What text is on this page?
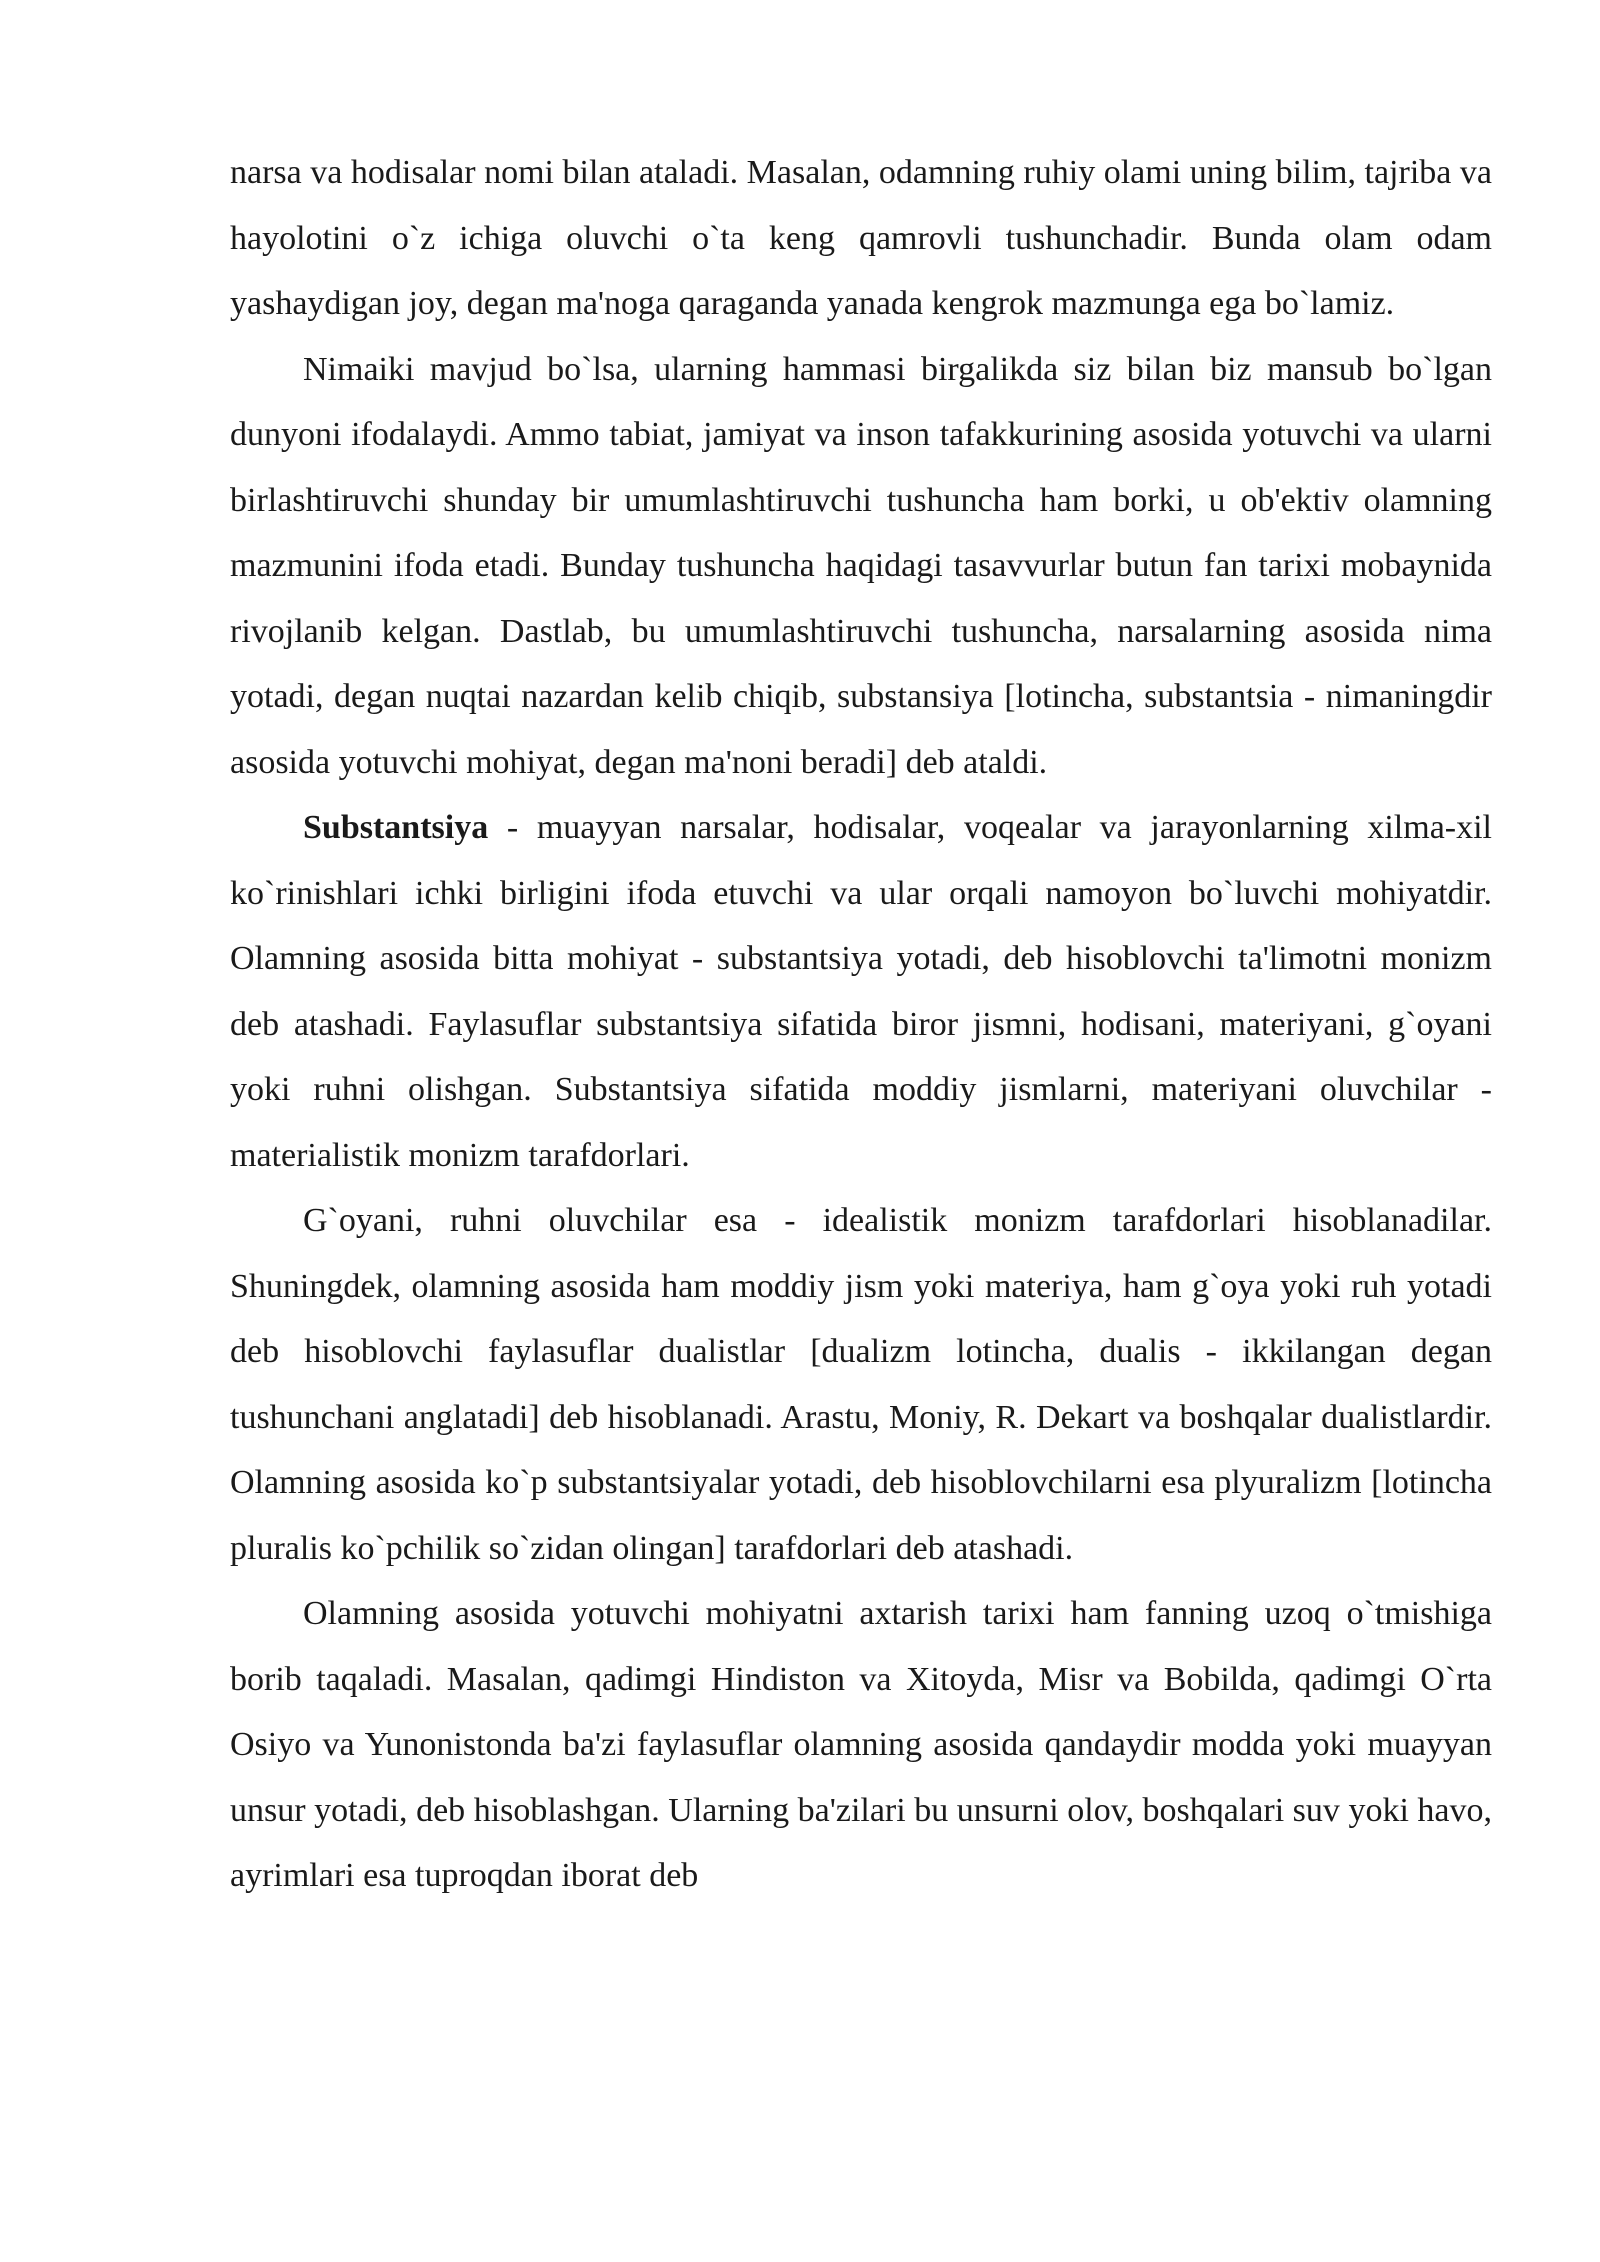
narsa va hodisalar nomi bilan ataladi. Masalan, odamning ruhiy olami uning bilim, tajriba va hayolotini o`z ichiga oluvchi o`ta keng qamrovli tushunchadir. Bunda olam odam yashaydigan joy, degan ma'noga qaraganda yanada kengrok mazmunga ega bo`lamiz.

Nimaiki mavjud bo`lsa, ularning hammasi birgalikda siz bilan biz mansub bo`lgan dunyoni ifodalaydi. Ammo tabiat, jamiyat va inson tafakkurining asosida yotuvchi va ularni birlashtiruvchi shunday bir umumlashtiruvchi tushuncha ham borki, u ob'ektiv olamning mazmunini ifoda etadi. Bunday tushuncha haqidagi tasavvurlar butun fan tarixi mobaynida rivojlanib kelgan. Dastlab, bu umumlashtiruvchi tushuncha, narsalarning asosida nima yotadi, degan nuqtai nazardan kelib chiqib, substansiya [lotincha, substantsia - nimaningdir asosida yotuvchi mohiyat, degan ma'noni beradi] deb ataldi.

Substantsiya - muayyan narsalar, hodisalar, voqealar va jarayonlarning xilma-xil ko`rinishlari ichki birligini ifoda etuvchi va ular orqali namoyon bo`luvchi mohiyatdir. Olamning asosida bitta mohiyat - substantsiya yotadi, deb hisoblovchi ta'limotni monizm deb atashadi. Faylasuflar substantsiya sifatida biror jismni, hodisani, materiyani, g`oyani yoki ruhni olishgan. Substantsiya sifatida moddiy jismlarni, materiyani oluvchilar - materialistik monizm tarafdorlari.

G`oyani, ruhni oluvchilar esa - idealistik monizm tarafdorlari hisoblanadilar. Shuningdek, olamning asosida ham moddiy jism yoki materiya, ham g`oya yoki ruh yotadi deb hisoblovchi faylasuflar dualistlar [dualizm lotincha, dualis - ikkilangan degan tushunchani anglatadi] deb hisoblanadi. Arastu, Moniy, R. Dekart va boshqalar dualistlardir. Olamning asosida ko`p substantsiyalar yotadi, deb hisoblovchilarni esa plyuralizm [lotincha pluralis ko`pchilik so`zidan olingan] tarafdorlari deb atashadi.

Olamning asosida yotuvchi mohiyatni axtarish tarixi ham fanning uzoq o`tmishiga borib taqaladi. Masalan, qadimgi Hindiston va Xitoyda, Misr va Bobilda, qadimgi O`rta Osiyo va Yunonistonda ba'zi faylasuflar olamning asosida qandaydir modda yoki muayyan unsur yotadi, deb hisoblashgan. Ularning ba'zilari bu unsurni olov, boshqalari suv yoki havo, ayrimlari esa tuproqdan iborat deb
